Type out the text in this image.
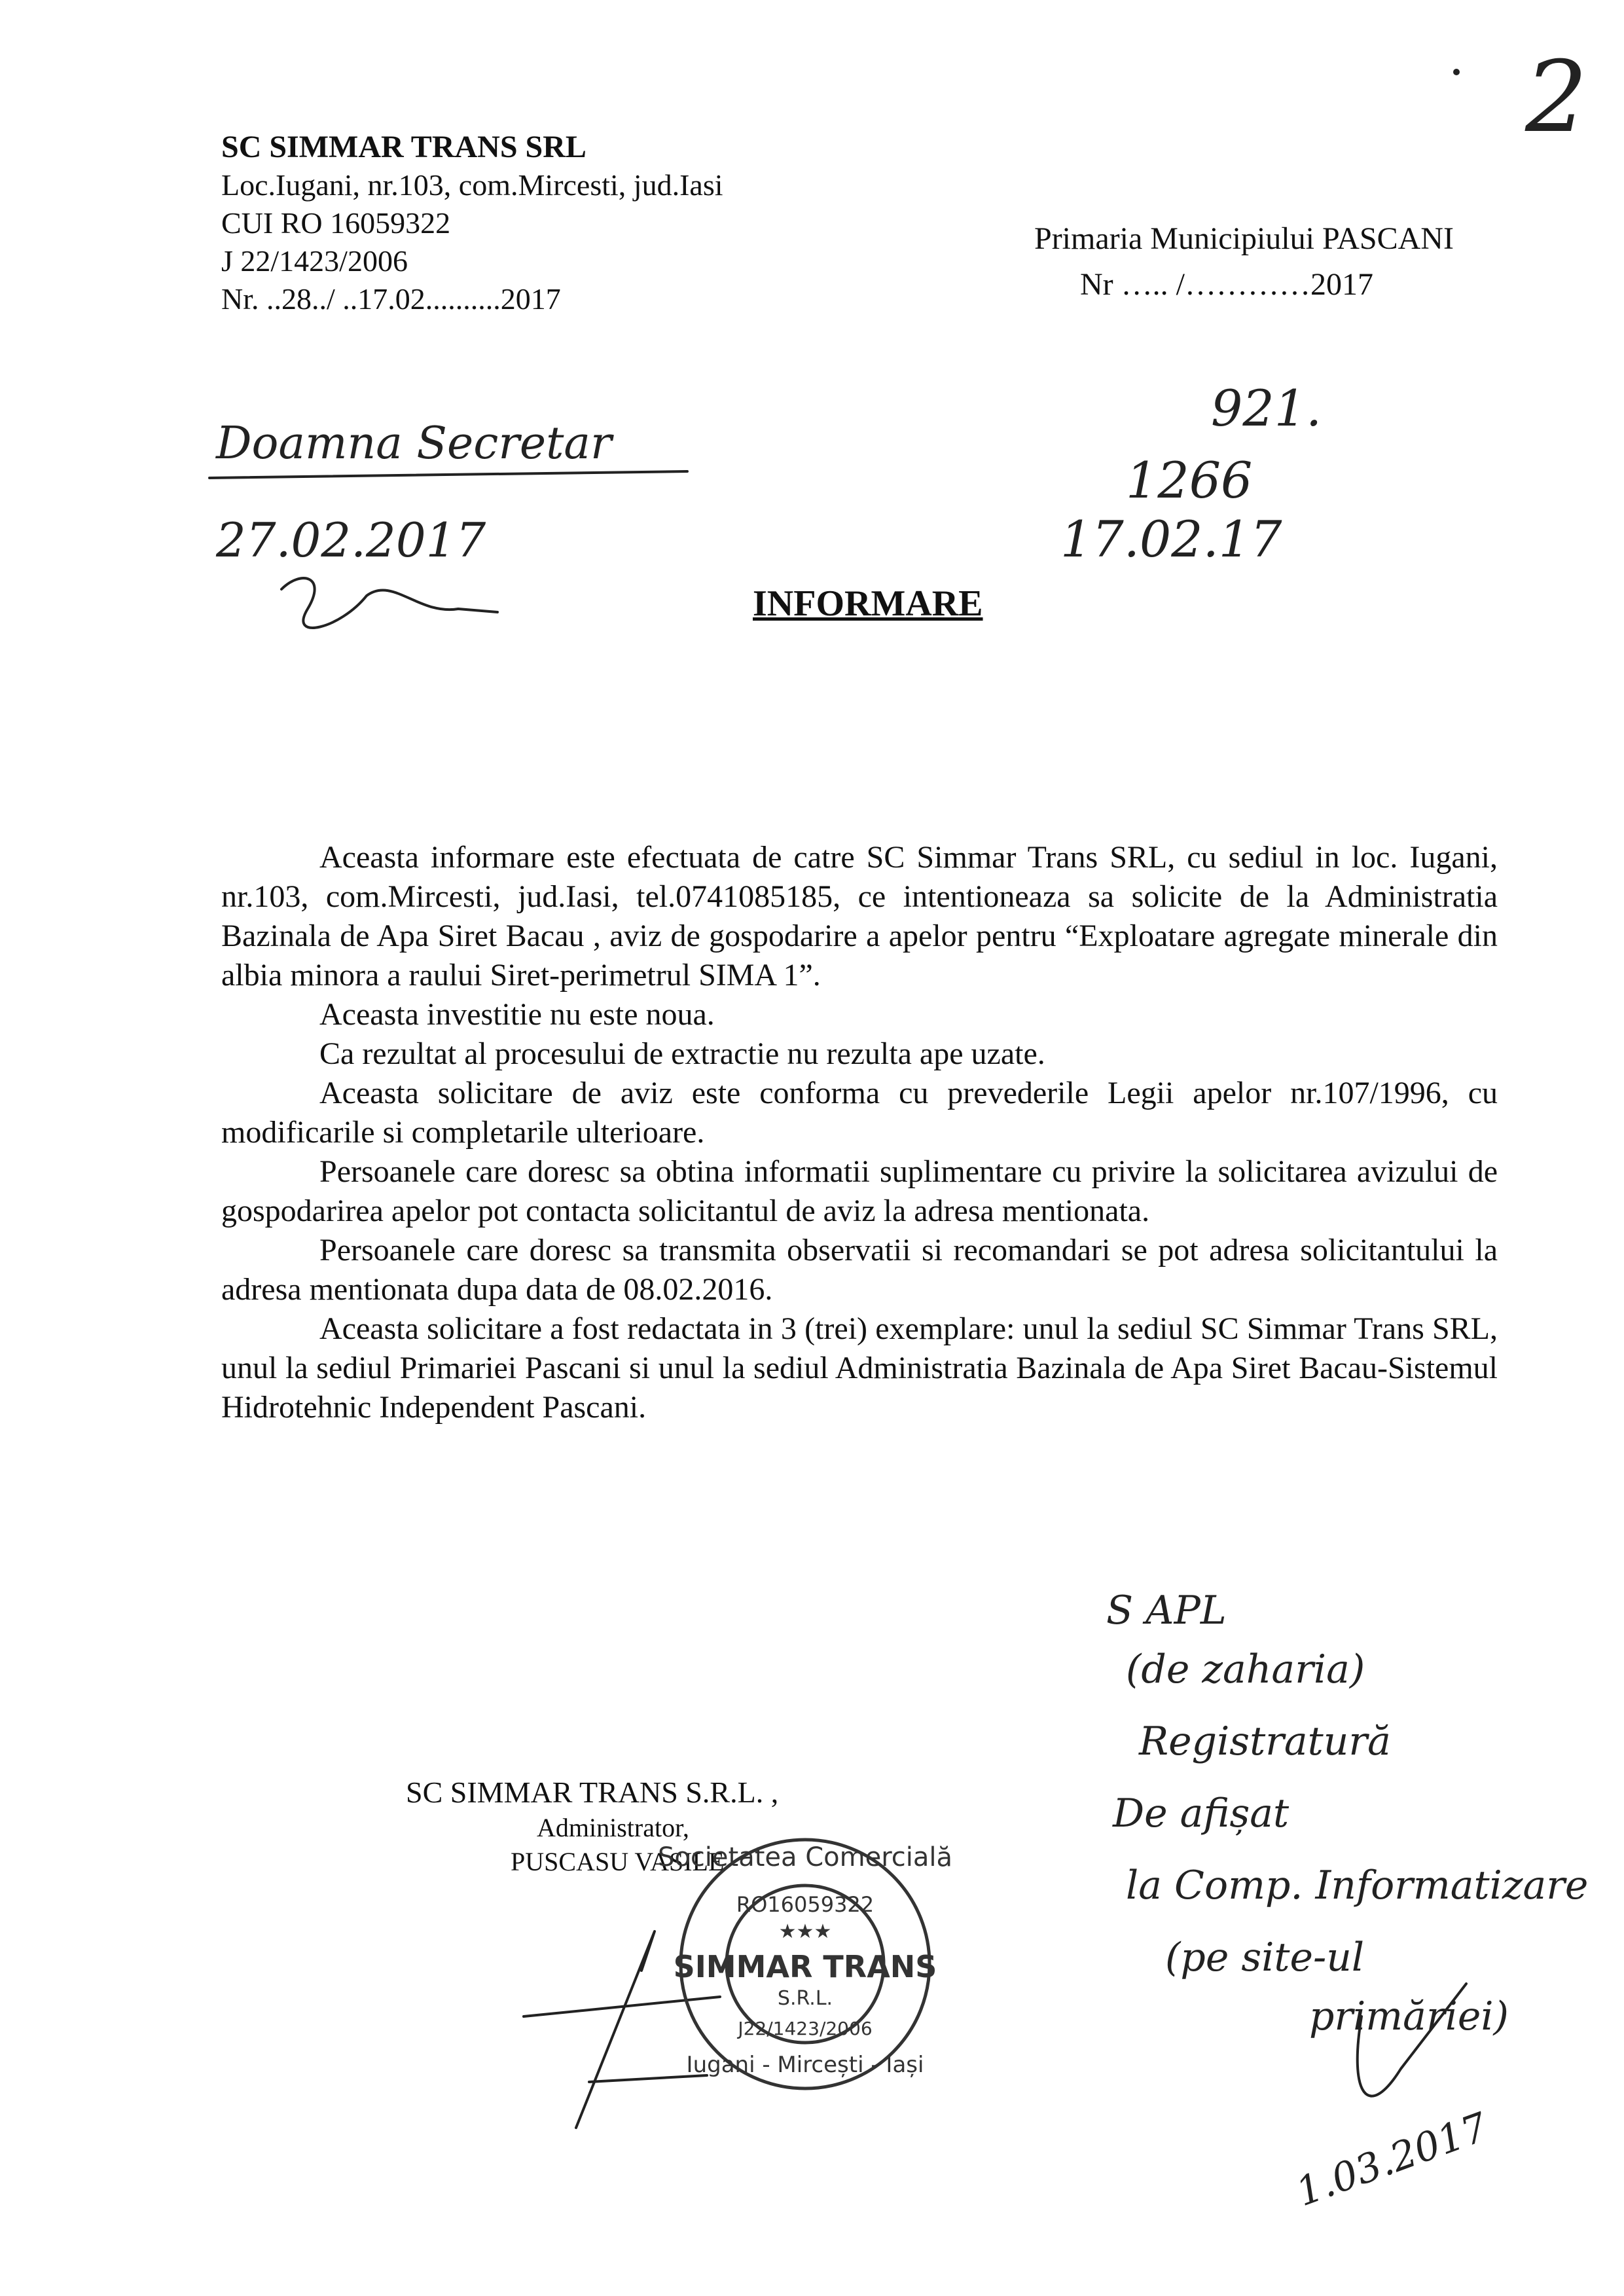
SC SIMMAR TRANS SRL
Loc.Iugani, nr.103, com.Mircesti, jud.Iasi
CUI RO 16059322
J 22/1423/2006
Nr. ..28../ ..17.02..........2017
Primaria Municipiului PASCANI
Nr ….. /…………2017
INFORMARE

Aceasta informare este efectuata de catre SC Simmar Trans SRL, cu sediul in loc. Iugani, nr.103, com.Mircesti, jud.Iasi, tel.0741085185, ce intentioneaza sa solicite de la Administratia Bazinala de Apa Siret Bacau , aviz de gospodarire a apelor pentru “Exploatare agregate minerale din albia minora a raului Siret-perimetrul SIMA 1”.

Aceasta investitie nu este noua.

Ca rezultat al procesului de extractie nu rezulta ape uzate.

Aceasta solicitare de aviz este conforma cu prevederile Legii apelor nr.107/1996, cu modificarile si completarile ulterioare.

Persoanele care doresc sa obtina informatii suplimentare cu privire la solicitarea avizului de gospodarirea apelor pot contacta solicitantul de aviz la adresa mentionata.

Persoanele care doresc sa transmita observatii si recomandari se pot adresa solicitantului la adresa mentionata dupa data de 08.02.2016.

Aceasta solicitare a fost redactata in 3 (trei) exemplare: unul la sediul SC Simmar Trans SRL, unul la sediul Primariei Pascani si unul la sediul Administratia Bazinala de Apa Siret Bacau-Sistemul Hidrotehnic Independent Pascani.

SC SIMMAR TRANS S.R.L. ,
Administrator,
PUSCASU VASILE
2
Doamna Secretar
27.02.2017
921.
1266
17.02.17
S APL
(de zaharia)
Registratură
De afișat
la Comp. Informatizare
(pe site-ul
primăriei)
1.03.2017
Societatea Comercială
RO16059322
★★★
SIMMAR TRANS
S.R.L.
J22/1423/2006
Iugani - Mircești - Iași
